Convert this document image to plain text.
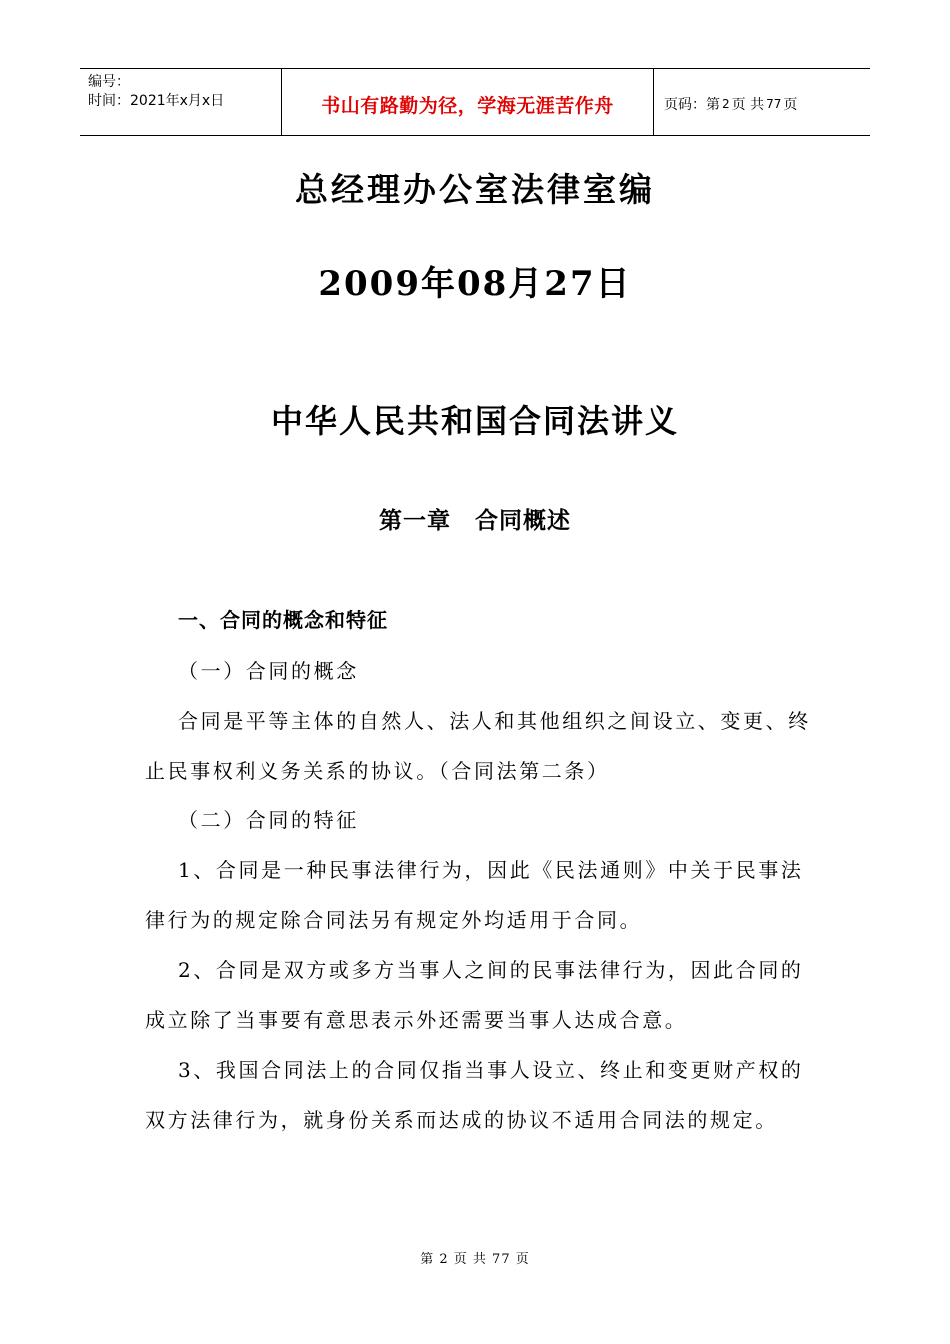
编号：
时间：2021年x月x日	书山有路勤为径，学海无涯苦作舟	页码：第 2 页 共 77 页
总经理办公室法律室编
2009年08月27日
中华人民共和国合同法讲义
第一章　合同概述
一、合同的概念和特征
（一）合同的概念
合同是平等主体的自然人、法人和其他组织之间设立、变更、终
止民事权利义务关系的协议。（合同法第二条）
（二）合同的特征
1、合同是一种民事法律行为，因此《民法通则》中关于民事法
律行为的规定除合同法另有规定外均适用于合同。
2、合同是双方或多方当事人之间的民事法律行为，因此合同的
成立除了当事要有意思表示外还需要当事人达成合意。
3、我国合同法上的合同仅指当事人设立、终止和变更财产权的
双方法律行为，就身份关系而达成的协议不适用合同法的规定。
第 2 页 共 77 页
